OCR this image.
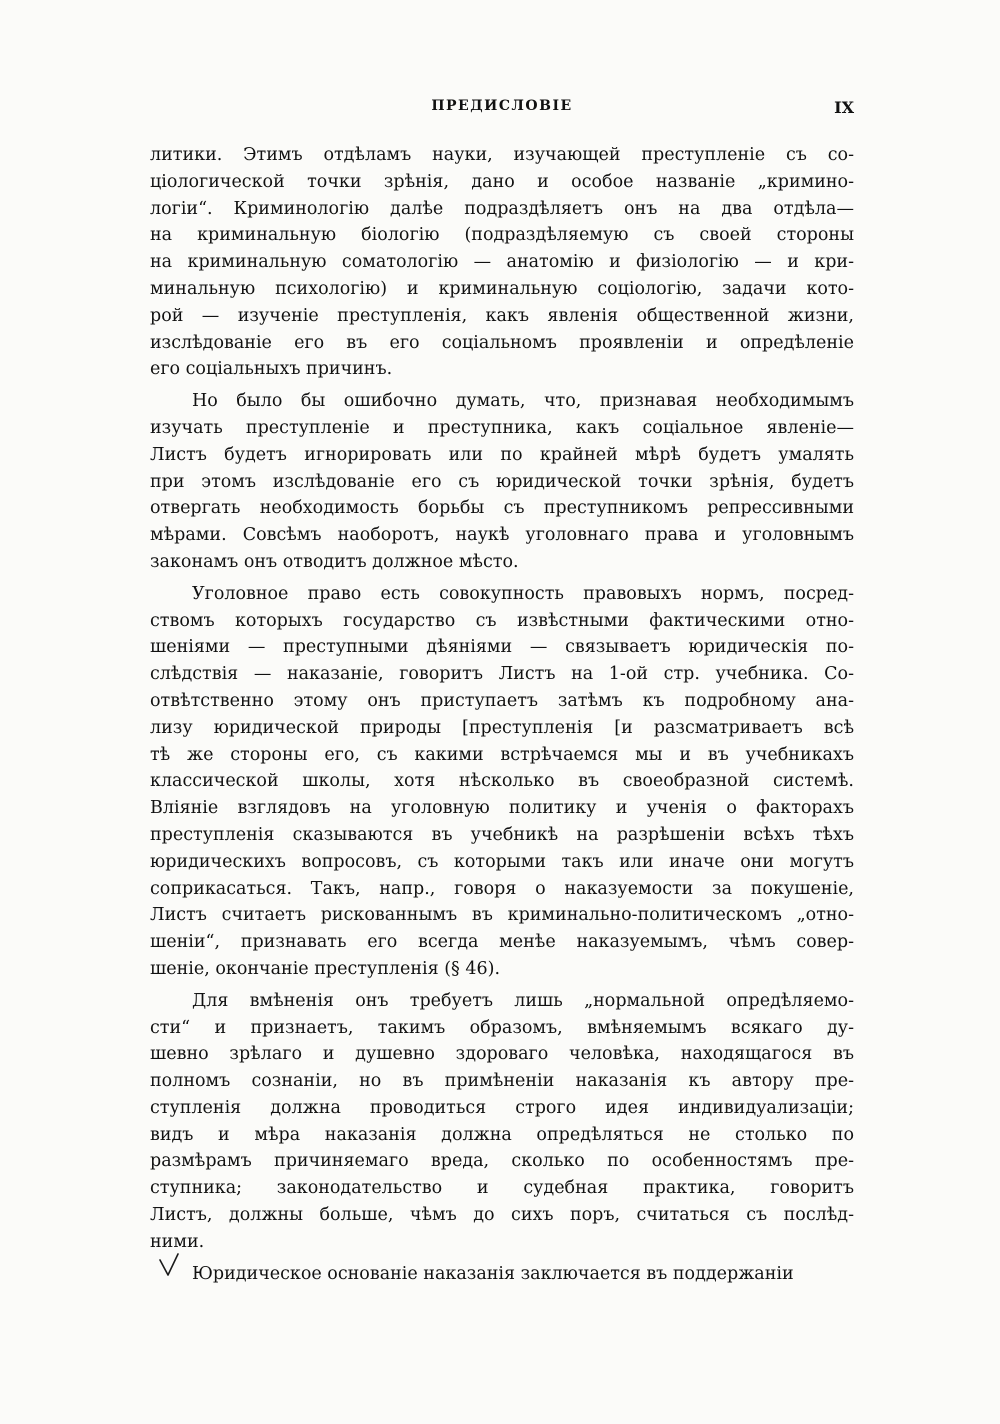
ПРЕДИСЛОВІЕ	IX
литики. Этимъ отдѣламъ науки, изучающей преступленіе съ со-
ціологической точки зрѣнія, дано и особое названіе „кримино-
логіи“. Криминологію далѣе подраздѣляетъ онъ на два отдѣла—
на криминальную біологію (подраздѣляемую съ своей стороны
на криминальную соматологію — анатомію и физіологію — и кри-
минальную психологію) и криминальную соціологію, задачи кото-
рой — изученіе преступленія, какъ явленія общественной жизни,
изслѣдованіе его въ его соціальномъ проявленіи и опредѣленіе
его соціальныхъ причинъ.
Но было бы ошибочно думать, что, признавая необходимымъ
изучать преступленіе и преступника, какъ соціальное явленіе—
Листъ будетъ игнорировать или по крайней мѣрѣ будетъ умалять
при этомъ изслѣдованіе его съ юридической точки зрѣнія, будетъ
отвергать необходимость борьбы съ преступникомъ репрессивными
мѣрами. Совсѣмъ наоборотъ, наукѣ уголовнаго права и уголовнымъ
законамъ онъ отводитъ должное мѣсто.
Уголовное право есть совокупность правовыхъ нормъ, посред-
ствомъ которыхъ государство съ извѣстными фактическими отно-
шеніями — преступными дѣяніями — связываетъ юридическія по-
слѣдствія — наказаніе, говоритъ Листъ на 1-ой стр. учебника. Со-
отвѣтственно этому онъ приступаетъ затѣмъ къ подробному ана-
лизу юридической природы [преступленія [и разсматриваетъ всѣ
тѣ же стороны его, съ какими встрѣчаемся мы и въ учебникахъ
классической школы, хотя нѣсколько въ своеобразной системѣ.
Вліяніе взглядовъ на уголовную политику и ученія о факторахъ
преступленія сказываются въ учебникѣ на разрѣшеніи всѣхъ тѣхъ
юридическихъ вопросовъ, съ которыми такъ или иначе они могутъ
соприкасаться. Такъ, напр., говоря о наказуемости за покушеніе,
Листъ считаетъ рискованнымъ въ криминально-политическомъ „отно-
шеніи“, признавать его всегда менѣе наказуемымъ, чѣмъ совер-
шеніе, окончаніе преступленія (§ 46).
Для вмѣненія онъ требуетъ лишь „нормальной опредѣляемо-
сти“ и признаетъ, такимъ образомъ, вмѣняемымъ всякаго ду-
шевно зрѣлаго и душевно здороваго человѣка, находящагося въ
полномъ сознаніи, но въ примѣненіи наказанія къ автору пре-
ступленія должна проводиться строго идея индивидуализаціи;
видъ и мѣра наказанія должна опредѣляться не столько по
размѣрамъ причиняемаго вреда, сколько по особенностямъ пре-
ступника; законодательство и судебная практика, говоритъ
Листъ, должны больше, чѣмъ до сихъ поръ, считаться съ послѣд-
ними.
Юридическое основаніе наказанія заключается въ поддержаніи
